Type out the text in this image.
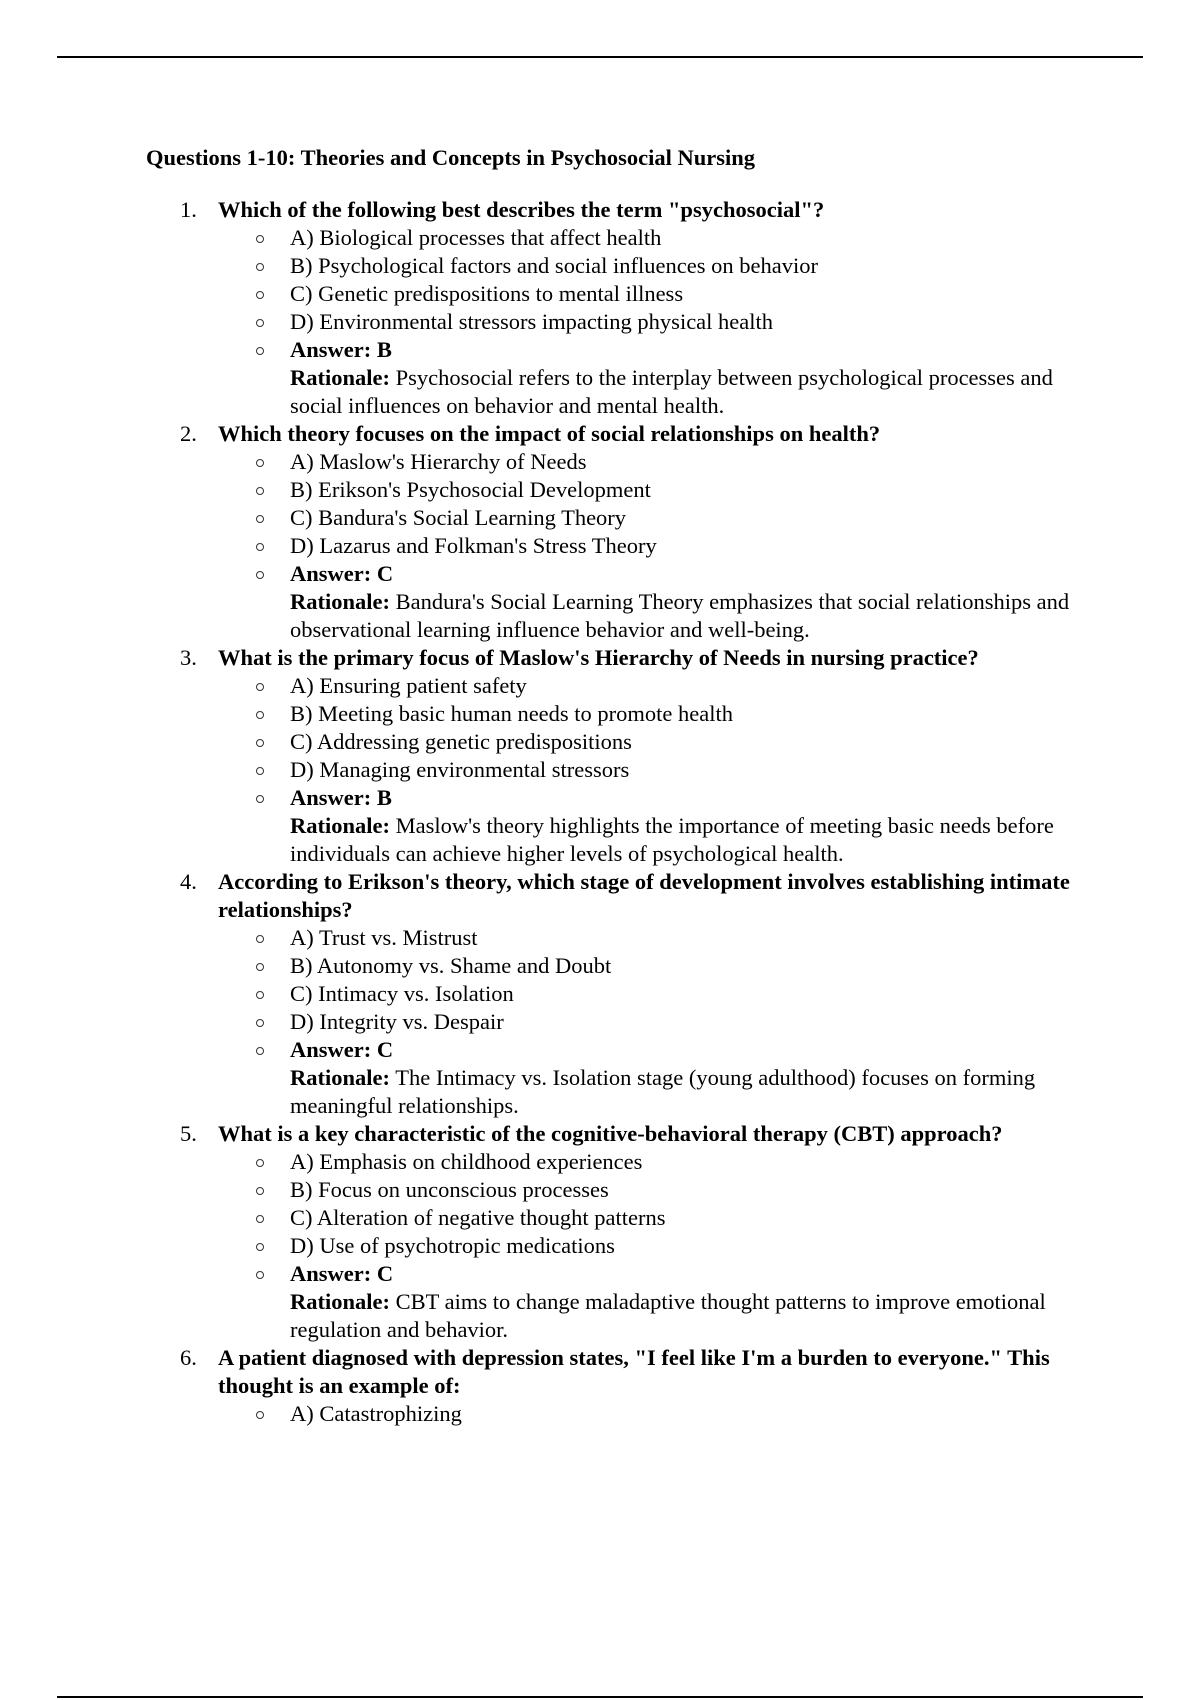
Questions 1-10: Theories and Concepts in Psychosocial Nursing
1. Which of the following best describes the term "psychosocial"?
A) Biological processes that affect health
B) Psychological factors and social influences on behavior
C) Genetic predispositions to mental illness
D) Environmental stressors impacting physical health
Answer: B
Rationale: Psychosocial refers to the interplay between psychological processes and social influences on behavior and mental health.
2. Which theory focuses on the impact of social relationships on health?
A) Maslow's Hierarchy of Needs
B) Erikson's Psychosocial Development
C) Bandura's Social Learning Theory
D) Lazarus and Folkman's Stress Theory
Answer: C
Rationale: Bandura's Social Learning Theory emphasizes that social relationships and observational learning influence behavior and well-being.
3. What is the primary focus of Maslow's Hierarchy of Needs in nursing practice?
A) Ensuring patient safety
B) Meeting basic human needs to promote health
C) Addressing genetic predispositions
D) Managing environmental stressors
Answer: B
Rationale: Maslow's theory highlights the importance of meeting basic needs before individuals can achieve higher levels of psychological health.
4. According to Erikson's theory, which stage of development involves establishing intimate relationships?
A) Trust vs. Mistrust
B) Autonomy vs. Shame and Doubt
C) Intimacy vs. Isolation
D) Integrity vs. Despair
Answer: C
Rationale: The Intimacy vs. Isolation stage (young adulthood) focuses on forming meaningful relationships.
5. What is a key characteristic of the cognitive-behavioral therapy (CBT) approach?
A) Emphasis on childhood experiences
B) Focus on unconscious processes
C) Alteration of negative thought patterns
D) Use of psychotropic medications
Answer: C
Rationale: CBT aims to change maladaptive thought patterns to improve emotional regulation and behavior.
6. A patient diagnosed with depression states, "I feel like I'm a burden to everyone." This thought is an example of:
A) Catastrophizing
